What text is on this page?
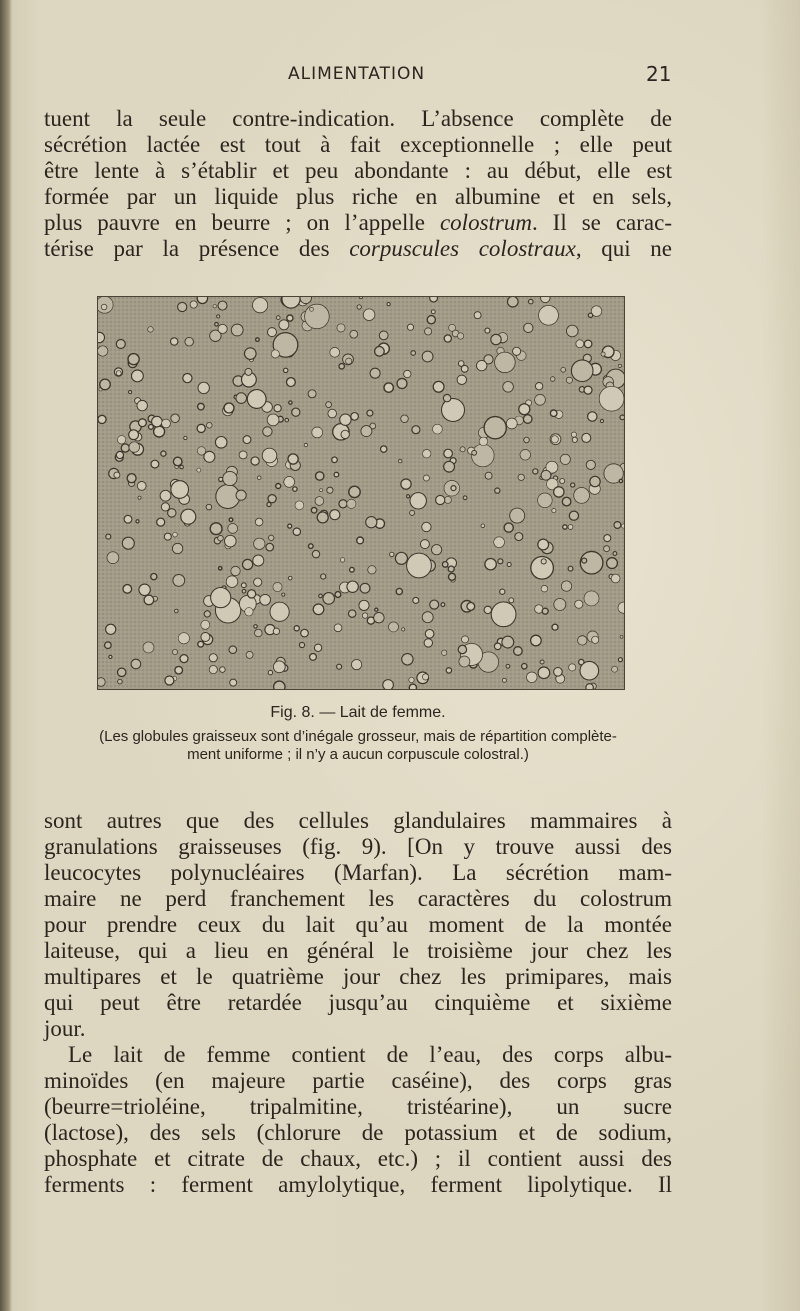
ALIMENTATION	21

tuent la seule contre-indication. L’absence complète de

sécrétion lactée est tout à fait exceptionnelle ; elle peut

être lente à s’établir et peu abondante : au début, elle est

formée par un liquide plus riche en albumine et en sels,

plus pauvre en beurre ; on l’appelle colostrum. Il se carac-

térise par la présence des corpuscules colostraux, qui ne

Fig. 8. — Lait de femme.

(Les globules graisseux sont d’inégale grosseur, mais de répartition complète-

ment uniforme ; il n’y a aucun corpuscule colostral.)

sont autres que des cellules glandulaires mammaires à

granulations graisseuses (fig. 9). [On y trouve aussi des

leucocytes polynucléaires (Marfan). La sécrétion mam-

maire ne perd franchement les caractères du colostrum

pour prendre ceux du lait qu’au moment de la montée

laiteuse, qui a lieu en général le troisième jour chez les

multipares et le quatrième jour chez les primipares, mais

qui peut être retardée jusqu’au cinquième et sixième

jour.

Le lait de femme contient de l’eau, des corps albu-

minoïdes (en majeure partie caséine), des corps gras

(beurre=trioléine, tripalmitine, tristéarine), un sucre

(lactose), des sels (chlorure de potassium et de sodium,

phosphate et citrate de chaux, etc.) ; il contient aussi des

ferments : ferment amylolytique, ferment lipolytique. Il
